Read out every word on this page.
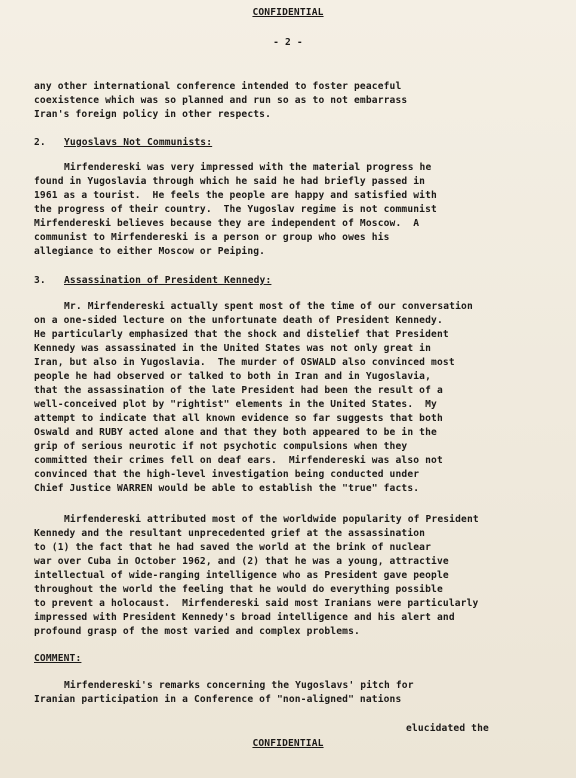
CONFIDENTIAL
- 2 -
any other international conference intended to foster peaceful
coexistence which was so planned and run so as to not embarrass
Iran's foreign policy in other respects.
2. Yugoslavs Not Communists:
Mirfendereski was very impressed with the material progress he
found in Yugoslavia through which he said he had briefly passed in
1961 as a tourist.  He feels the people are happy and satisfied with
the progress of their country.  The Yugoslav regime is not communist
Mirfendereski believes because they are independent of Moscow.  A
communist to Mirfendereski is a person or group who owes his
allegiance to either Moscow or Peiping.
3. Assassination of President Kennedy:
Mr. Mirfendereski actually spent most of the time of our conversation
on a one-sided lecture on the unfortunate death of President Kennedy.
He particularly emphasized that the shock and distelief that President
Kennedy was assassinated in the United States was not only great in
Iran, but also in Yugoslavia.  The murder of OSWALD also convinced most
people he had observed or talked to both in Iran and in Yugoslavia,
that the assassination of the late President had been the result of a
well-conceived plot by "rightist" elements in the United States.  My
attempt to indicate that all known evidence so far suggests that both
Oswald and RUBY acted alone and that they both appeared to be in the
grip of serious neurotic if not psychotic compulsions when they
committed their crimes fell on deaf ears.  Mirfendereski was also not
convinced that the high-level investigation being conducted under
Chief Justice WARREN would be able to establish the "true" facts.
Mirfendereski attributed most of the worldwide popularity of President
Kennedy and the resultant unprecedented grief at the assassination
to (1) the fact that he had saved the world at the brink of nuclear
war over Cuba in October 1962, and (2) that he was a young, attractive
intellectual of wide-ranging intelligence who as President gave people
throughout the world the feeling that he would do everything possible
to prevent a holocaust.  Mirfendereski said most Iranians were particularly
impressed with President Kennedy's broad intelligence and his alert and
profound grasp of the most varied and complex problems.
COMMENT:
Mirfendereski's remarks concerning the Yugoslavs' pitch for
Iranian participation in a Conference of "non-aligned" nations
elucidated the
CONFIDENTIAL
